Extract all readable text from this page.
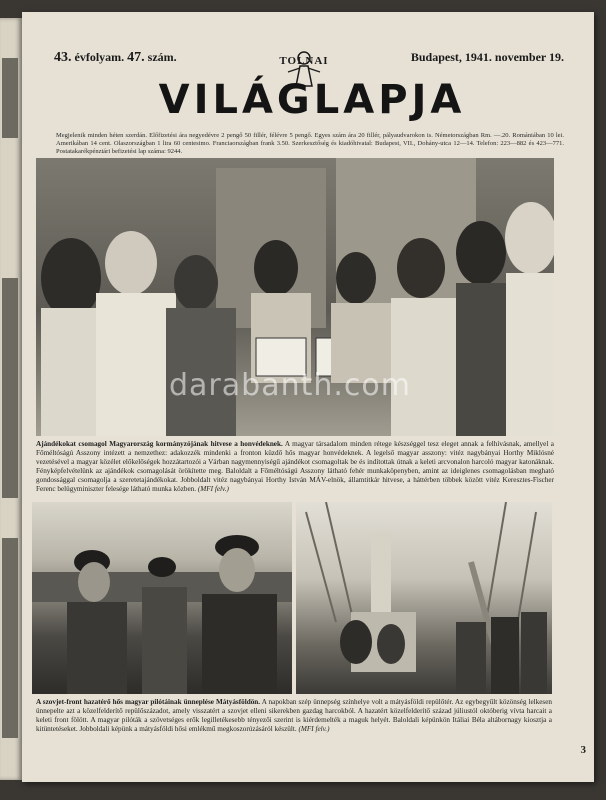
43. évfolyam. 47. szám.	Budapest, 1941. november 19.
TOLNAI
VILÁGLAPJA
Megjelenik minden héten szerdán. Előfizetési ára negyedévre 2 pengő 50 fillér, félévre 5 pengő. Egyes szám ára 20 fillér, pályaudvarokon is. Németországban Rm. —.20. Romániában 10 lei. Amerikában 14 cent. Olaszországban 1 lira 60 centesimo. Franciaországban frank 3.50. Szerkesztőség és kiadóhivatal: Budapest, VII., Dohány-utca 12—14. Telefon: 223—882 és 423—771. Postatakarékpénztári befizetési lap száma: 9244.
darabanth.com
Ajándékokat csomagol Magyarország kormányzójának hitvese a honvédeknek. A magyar társadalom minden rétege készséggel tesz eleget annak a felhívásnak, amellyel a Főméltóságú Asszony intézett a nemzethez: adakozzék mindenki a fronton küzdő hős magyar honvédeknek. A legelső magyar asszony: vitéz nagybányai Horthy Miklósné vezetésével a magyar közélet előkelőségek hozzátartozói a Várban nagymennyiségű ajándékot csomagoltak be és indítottak útnak a keleti arcvonalon harcoló magyar katonáknak. Fényképfelvételünk az ajándékok csomagolását örökítette meg. Baloldalt a Főméltóságú Asszony látható fehér munkaköpenyben, amint az ideiglenes csomagolásban megható gondossággal csomagolja a szeretetajándékokat. Jobboldalt vitéz nagybányai Horthy István MÁV-elnök, államtitkár hitvese, a háttérben többek között vitéz Keresztes-Fischer Ferenc belügyminiszter felesége látható munka közben. (MFI felv.)
A szovjet-front hazatérő hős magyar pilótáinak ünneplése Mátyásföldön. A napokban szép ünnepség színhelye volt a mátyásföldi repülőtér. Az egybegyűlt közönség lelkesen ünnepelte azt a közelfelderítő repülőszázadot, amely visszatért a szovjet elleni sikerekben gazdag harcokból. A hazatért közelfelderítő század júliustól októberig vívta harcait a keleti front fölött. A magyar pilóták a szövetséges erők legilletékesebb tényezői szerint is kiérdemelték a maguk helyét. Baloldali képünkön Itáliai Béla altábornagy kiosztja a kitüntetéseket. Jobboldali képünk a mátyásföldi hősi emlékmű megkoszorúzásáról készült. (MFI felv.)
3
